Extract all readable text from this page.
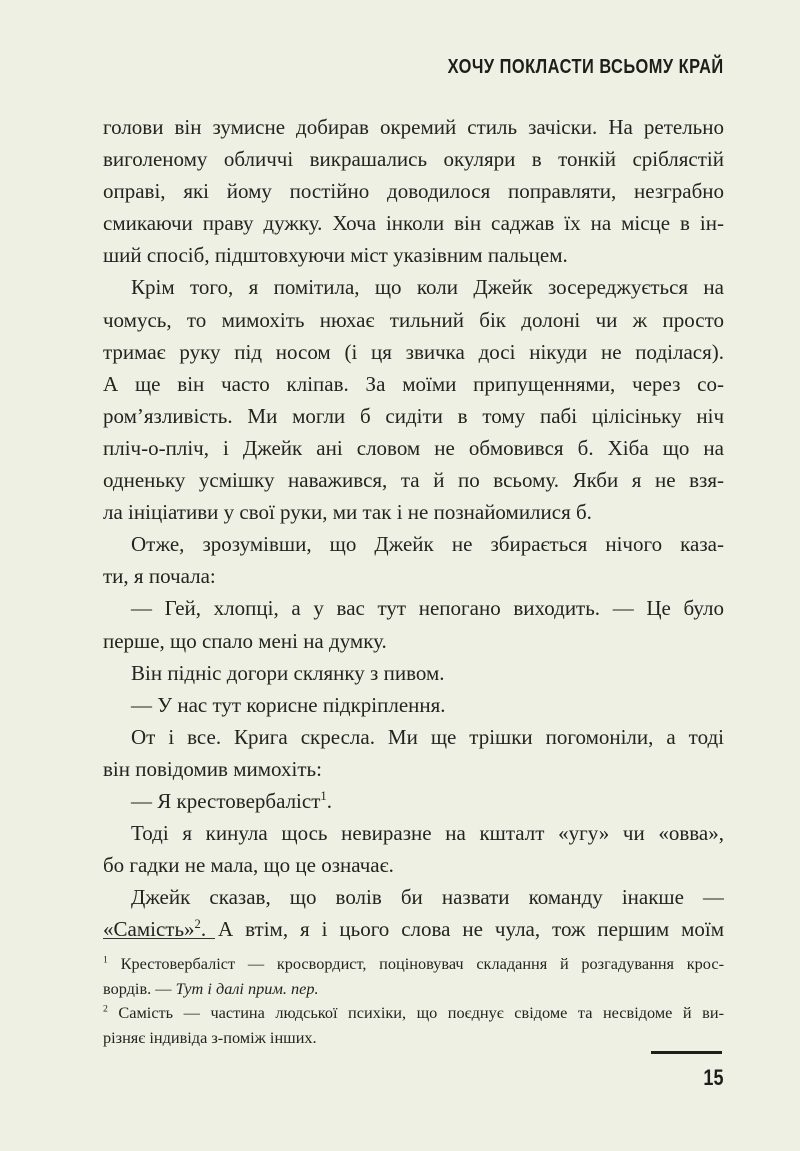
ХОЧУ ПОКЛАСТИ ВСЬОМУ КРАЙ
голови він зумисне добирав окремий стиль зачіски. На ретельно
виголеному обличчі викрашались окуляри в тонкій сріблястій
оправі, які йому постійно доводилося поправляти, незграбно
смикаючи праву дужку. Хоча інколи він саджав їх на місце в ін-
ший спосіб, підштовхуючи міст указівним пальцем.
Крім того, я помітила, що коли Джейк зосереджується на
чомусь, то мимохіть нюхає тильний бік долоні чи ж просто
тримає руку під носом (і ця звичка досі нікуди не поділася).
А ще він часто кліпав. За моїми припущеннями, через со-
ром’язливість. Ми могли б сидіти в тому пабі цілісіньку ніч
пліч-о-пліч, і Джейк ані словом не обмовився б. Хіба що на
одненьку усмішку наважився, та й по всьому. Якби я не взя-
ла ініціативи у свої руки, ми так і не познайомилися б.
Отже, зрозумівши, що Джейк не збирається нічого каза-
ти, я почала:
— Гей, хлопці, а у вас тут непогано виходить. — Це було
перше, що спало мені на думку.
Він підніс догори склянку з пивом.
— У нас тут корисне підкріплення.
От і все. Крига скресла. Ми ще трішки погомоніли, а тоді
він повідомив мимохіть:
— Я крестовербаліст$^1$.
Тоді я кинула щось невиразне на кшталт «угу» чи «овва»,
бо гадки не мала, що це означає.
Джейк сказав, що волів би назвати команду інакше —
«Самість»$^2$. А втім, я і цього слова не чула, тож першим моїм
$^1$ Крестовербаліст — кросвордист, поціновувач складання й розгадування крос-
вордів. — Тут і далі прим. пер.
$^2$ Самість — частина людської психіки, що поєднує свідоме та несвідоме й ви-
різняє індивіда з-поміж інших.
15
